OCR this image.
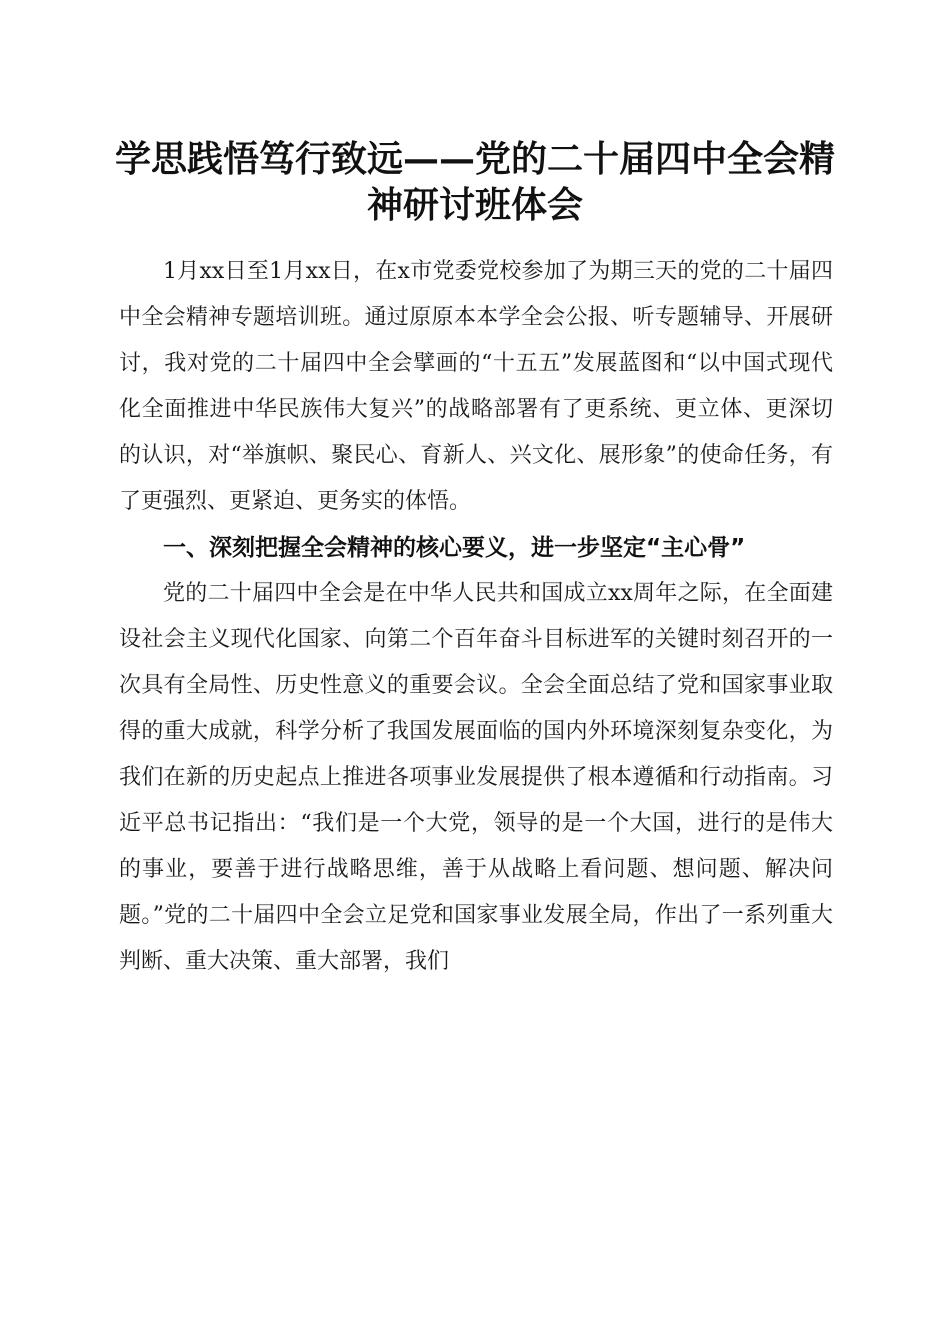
学思践悟笃行致远——党的二十届四中全会精神研讨班体会

1月xx日至1月xx日，在x市党委党校参加了为期三天的党的二十届四中全会精神专题培训班。通过原原本本学全会公报、听专题辅导、开展研讨，我对党的二十届四中全会擘画的“十五五”发展蓝图和“以中国式现代化全面推进中华民族伟大复兴”的战略部署有了更系统、更立体、更深切的认识，对“举旗帜、聚民心、育新人、兴文化、展形象”的使命任务，有了更强烈、更紧迫、更务实的体悟。

一、深刻把握全会精神的核心要义，进一步坚定“主心骨”

党的二十届四中全会是在中华人民共和国成立xx周年之际，在全面建设社会主义现代化国家、向第二个百年奋斗目标进军的关键时刻召开的一次具有全局性、历史性意义的重要会议。全会全面总结了党和国家事业取得的重大成就，科学分析了我国发展面临的国内外环境深刻复杂变化，为我们在新的历史起点上推进各项事业发展提供了根本遵循和行动指南。习近平总书记指出：“我们是一个大党，领导的是一个大国，进行的是伟大的事业，要善于进行战略思维，善于从战略上看问题、想问题、解决问题。”党的二十届四中全会立足党和国家事业发展全局，作出了一系列重大判断、重大决策、重大部署，我们
